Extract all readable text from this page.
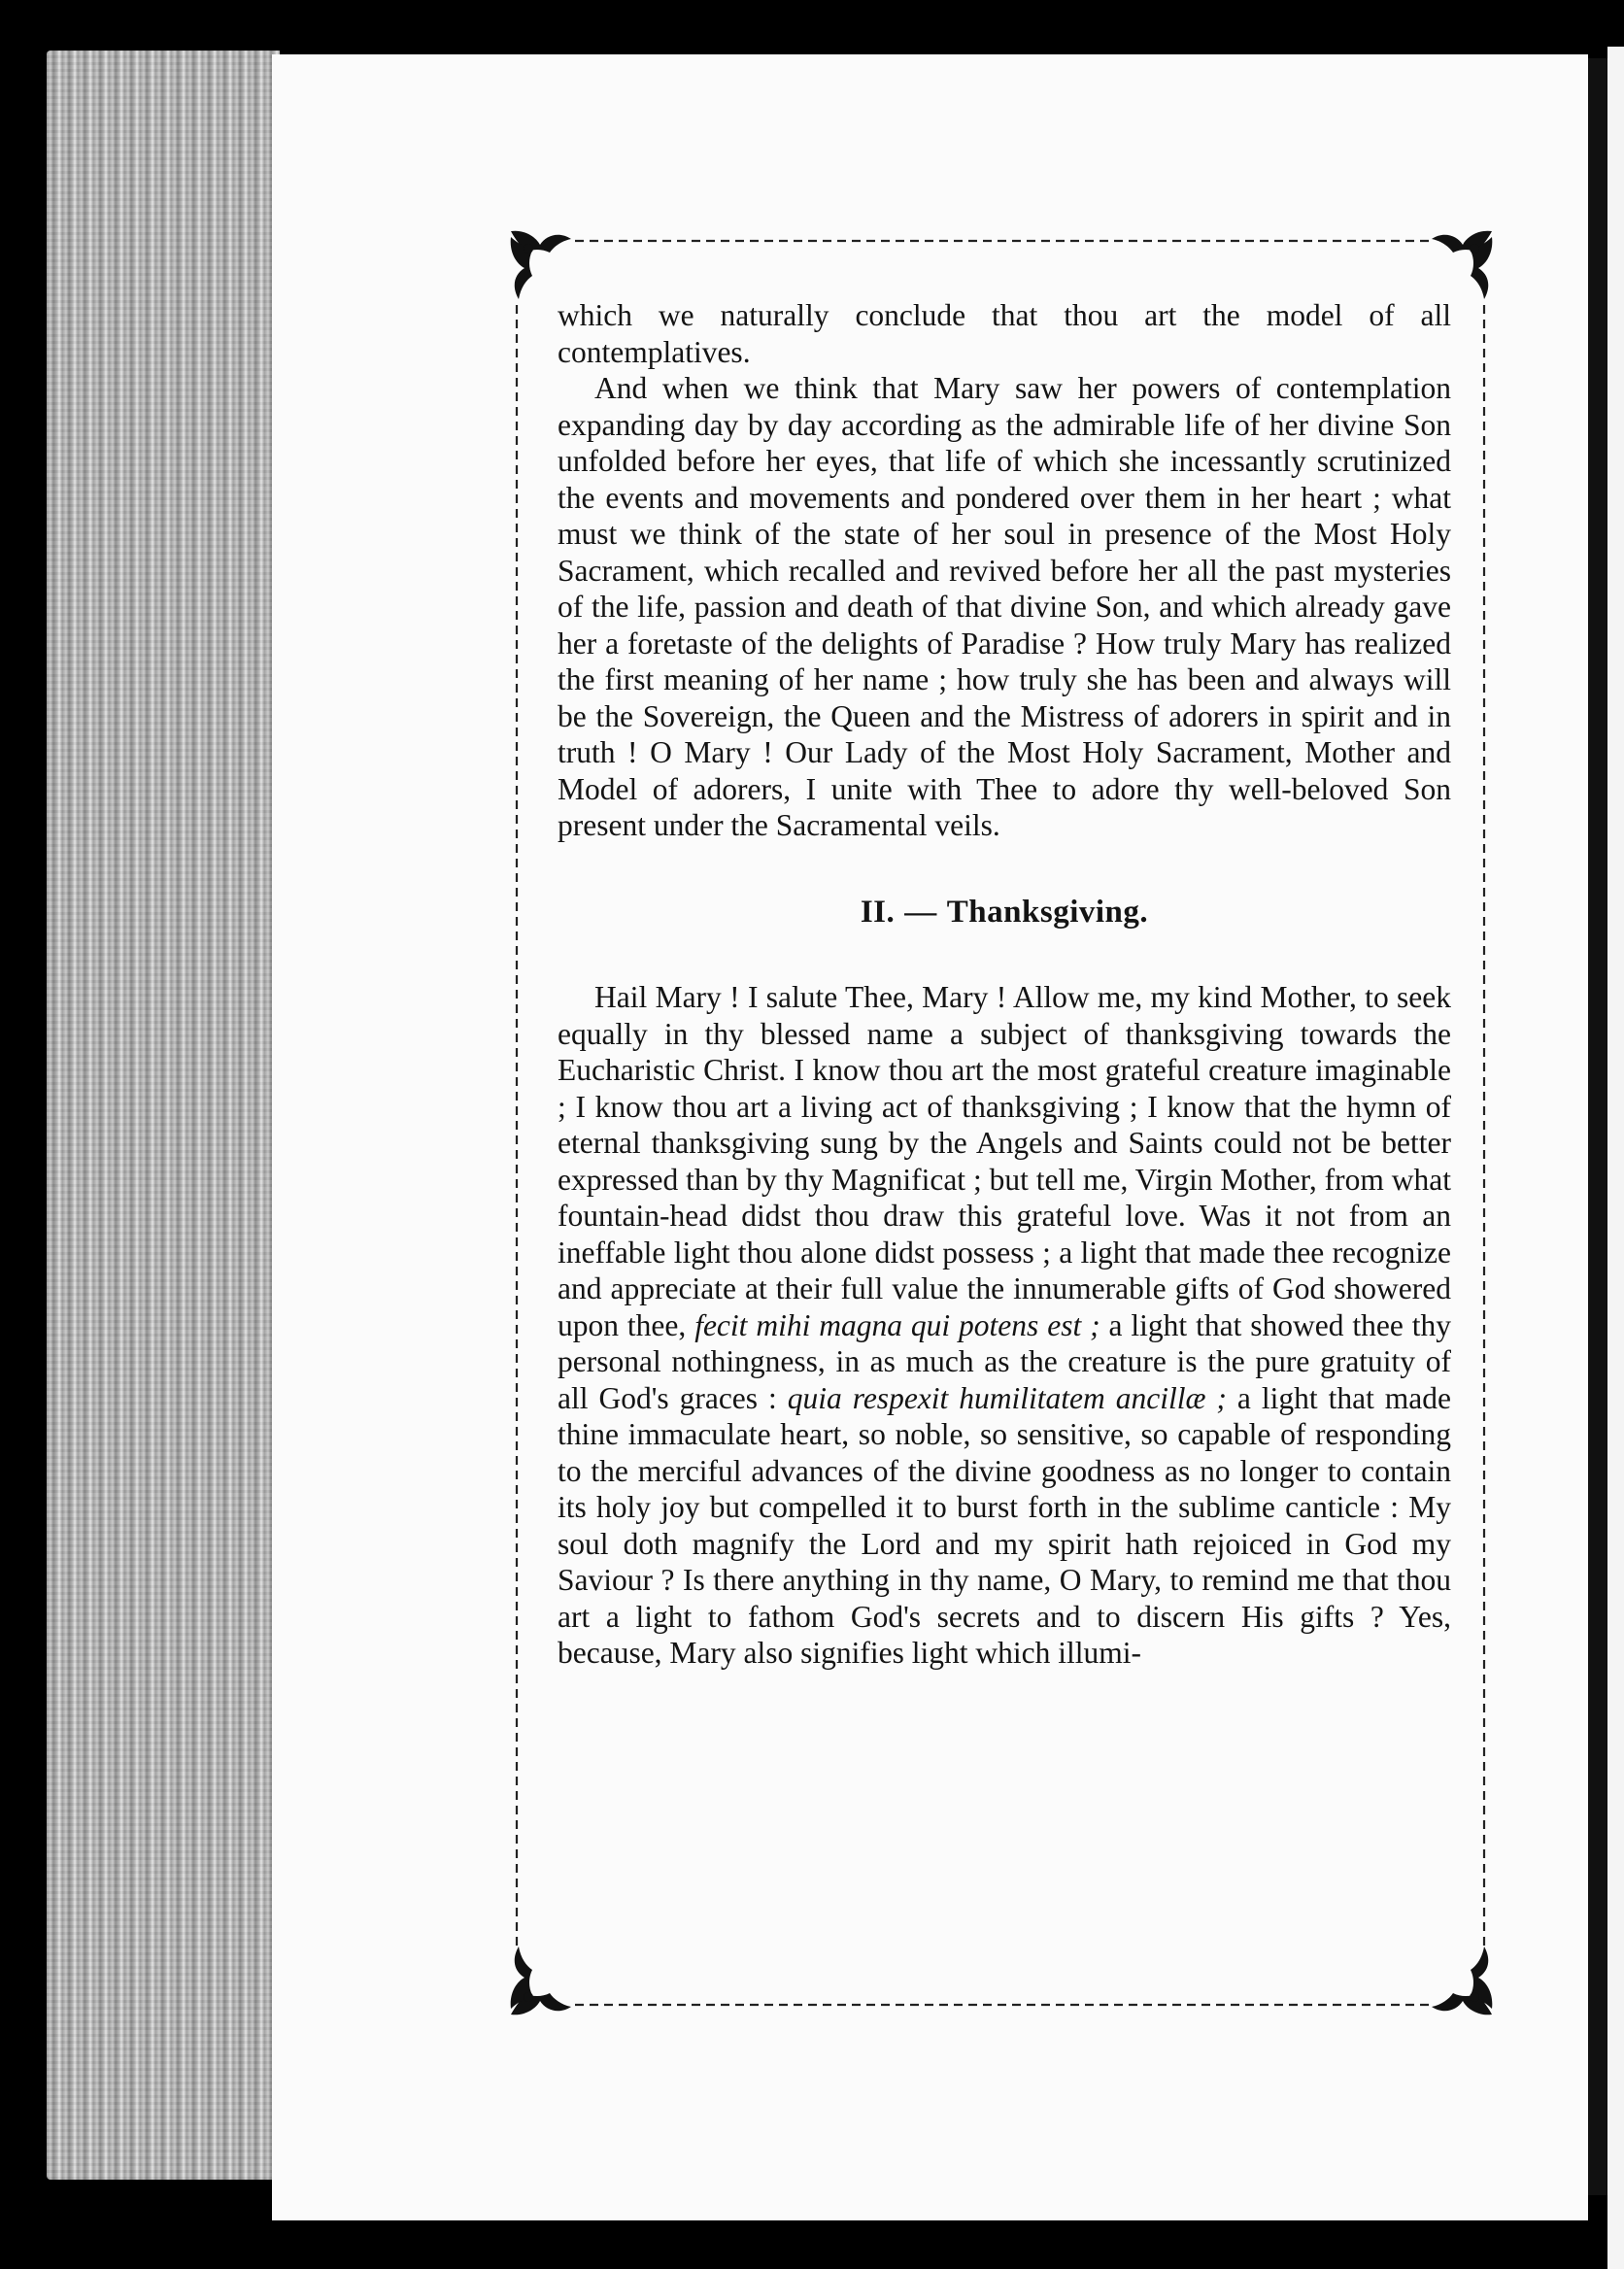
which we naturally conclude that thou art the model of all contemplatives.

And when we think that Mary saw her powers of contemplation expanding day by day according as the admirable life of her divine Son unfolded before her eyes, that life of which she incessantly scrutinized the events and movements and pondered over them in her heart ; what must we think of the state of her soul in presence of the Most Holy Sacrament, which recalled and revived before her all the past mysteries of the life, passion and death of that divine Son, and which already gave her a foretaste of the delights of Paradise ? How truly Mary has realized the first meaning of her name ; how truly she has been and always will be the Sovereign, the Queen and the Mistress of adorers in spirit and in truth ! O Mary ! Our Lady of the Most Holy Sacrament, Mother and Model of adorers, I unite with Thee to adore thy well-beloved Son present under the Sacramental veils.

II. — Thanksgiving.

Hail Mary ! I salute Thee, Mary ! Allow me, my kind Mother, to seek equally in thy blessed name a subject of thanksgiving towards the Eucharistic Christ. I know thou art the most grateful creature imaginable ; I know thou art a living act of thanksgiving ; I know that the hymn of eternal thanksgiving sung by the Angels and Saints could not be better expressed than by thy Magnificat ; but tell me, Virgin Mother, from what fountain-head didst thou draw this grateful love. Was it not from an ineffable light thou alone didst possess ; a light that made thee recognize and appreciate at their full value the innumerable gifts of God showered upon thee, fecit mihi magna qui potens est ; a light that showed thee thy personal nothingness, in as much as the creature is the pure gratuity of all God's graces : quia respexit humilitatem ancillæ ; a light that made thine immaculate heart, so noble, so sensitive, so capable of responding to the merciful advances of the divine goodness as no longer to contain its holy joy but compelled it to burst forth in the sublime canticle : My soul doth magnify the Lord and my spirit hath rejoiced in God my Saviour ? Is there anything in thy name, O Mary, to remind me that thou art a light to fathom God's secrets and to discern His gifts ? Yes, because, Mary also signifies light which illumi-
